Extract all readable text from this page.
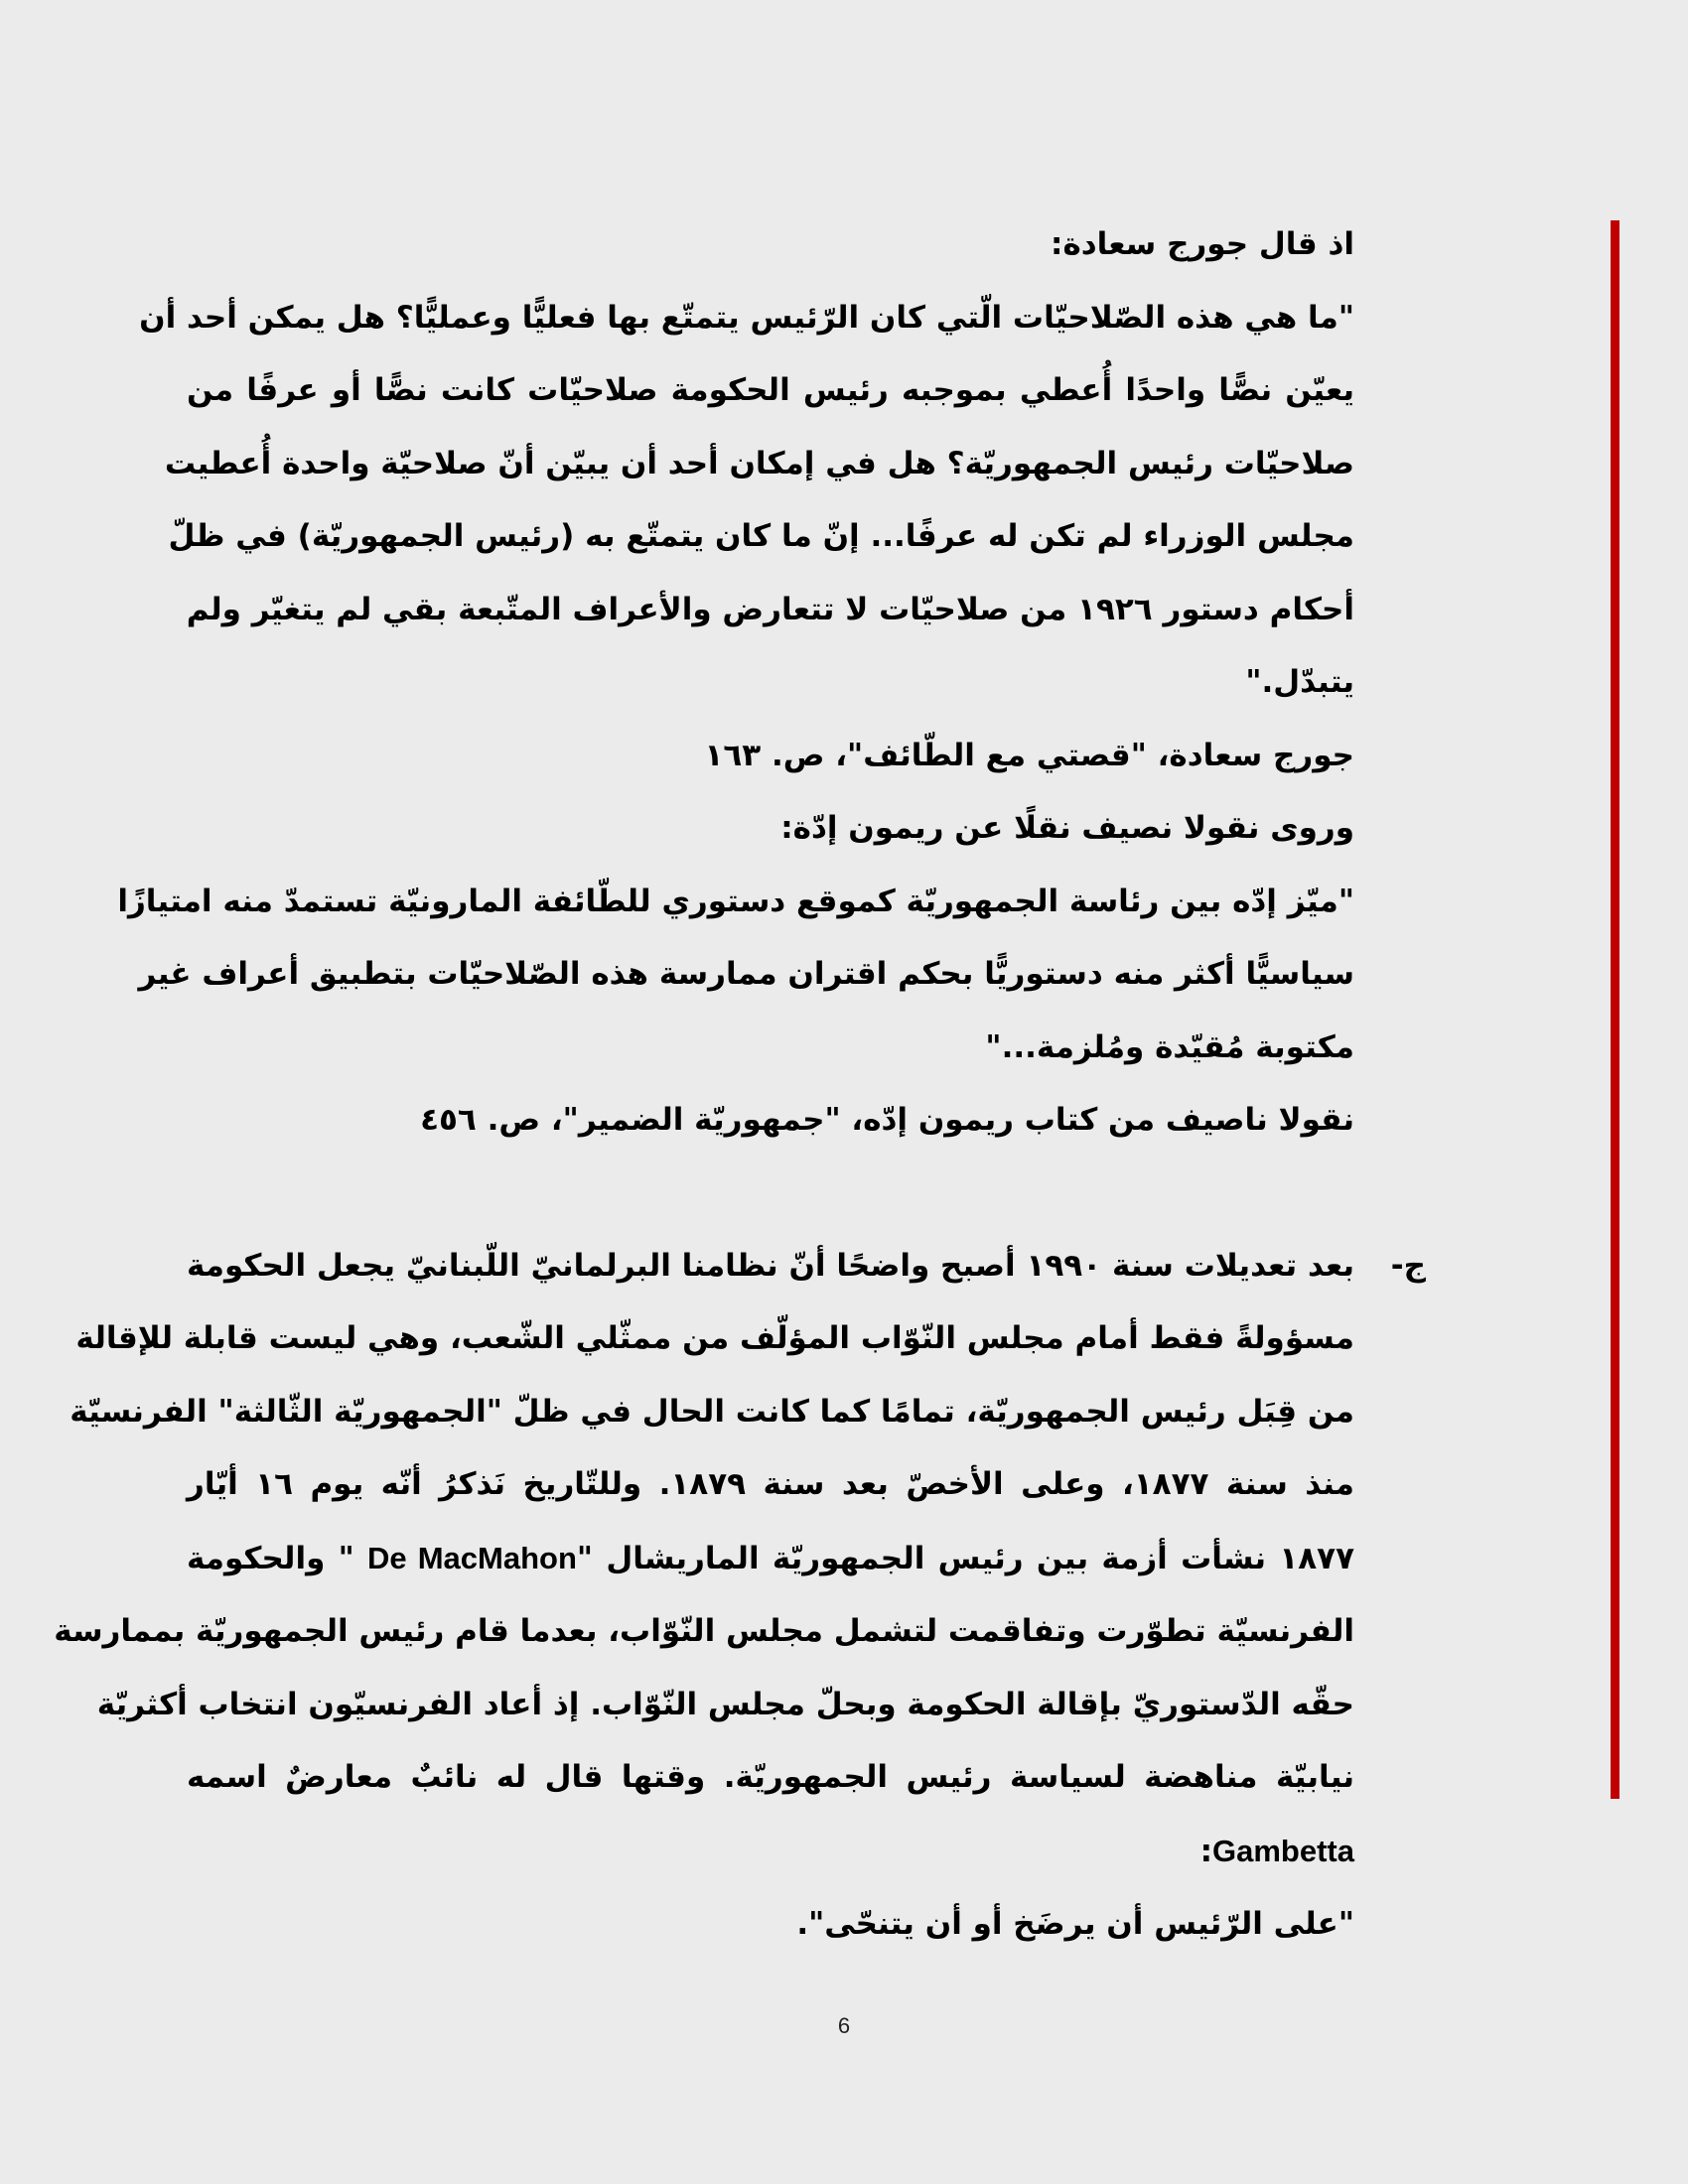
اذ قال جورج سعادة:

"ما هي هذه الصّلاحيّات الّتي كان الرّئيس يتمتّع بها فعليًّا وعمليًّا؟ هل يمكن أحد أن
يعيّن نصًّا واحدًا أُعطي بموجبه رئيس الحكومة صلاحيّات كانت نصًّا أو عرفًا من
صلاحيّات رئيس الجمهوريّة؟ هل في إمكان أحد أن يبيّن أنّ صلاحيّة واحدة أُعطيت
مجلس الوزراء لم تكن له عرفًا... إنّ ما كان يتمتّع به (رئيس الجمهوريّة) في ظلّ
أحكام دستور ١٩٢٦ من صلاحيّات لا تتعارض والأعراف المتّبعة بقي لم يتغيّر ولم
يتبدّل."

جورج سعادة، "قصتي مع الطّائف"، ص. ١٦٣

وروى نقولا نصيف نقلًا عن ريمون إدّة:

"ميّز إدّه بين رئاسة الجمهوريّة كموقع دستوري للطّائفة المارونيّة تستمدّ منه امتيازًا
سياسيًّا أكثر منه دستوريًّا بحكم اقتران ممارسة هذه الصّلاحيّات بتطبيق أعراف غير
مكتوبة مُقيّدة ومُلزمة..."

نقولا ناصيف من كتاب ريمون إدّه، "جمهوريّة الضمير"، ص. ٤٥٦

ج-

بعد تعديلات سنة ١٩٩٠ أصبح واضحًا أنّ نظامنا البرلمانيّ اللّبنانيّ يجعل الحكومة
مسؤولةً فقط أمام مجلس النّوّاب المؤلّف من ممثّلي الشّعب، وهي ليست قابلة للإقالة
من قِبَل رئيس الجمهوريّة، تمامًا كما كانت الحال في ظلّ "الجمهوريّة الثّالثة" الفرنسيّة
منذ سنة ١٨٧٧، وعلى الأخصّ بعد سنة ١٨٧٩. وللتّاريخ نَذكرُ أنّه يوم ١٦ أيّار
١٨٧٧ نشأت أزمة بين رئيس الجمهوريّة الماريشال "De MacMahon " والحكومة
الفرنسيّة تطوّرت وتفاقمت لتشمل مجلس النّوّاب، بعدما قام رئيس الجمهوريّة بممارسة
حقّه الدّستوريّ بإقالة الحكومة وبحلّ مجلس النّوّاب. إذ أعاد الفرنسيّون انتخاب أكثريّة
نيابيّة مناهضة لسياسة رئيس الجمهوريّة. وقتها قال له نائبٌ معارضٌ اسمه
Gambetta:

"على الرّئيس أن يرضَخ أو أن يتنحّى".

6
